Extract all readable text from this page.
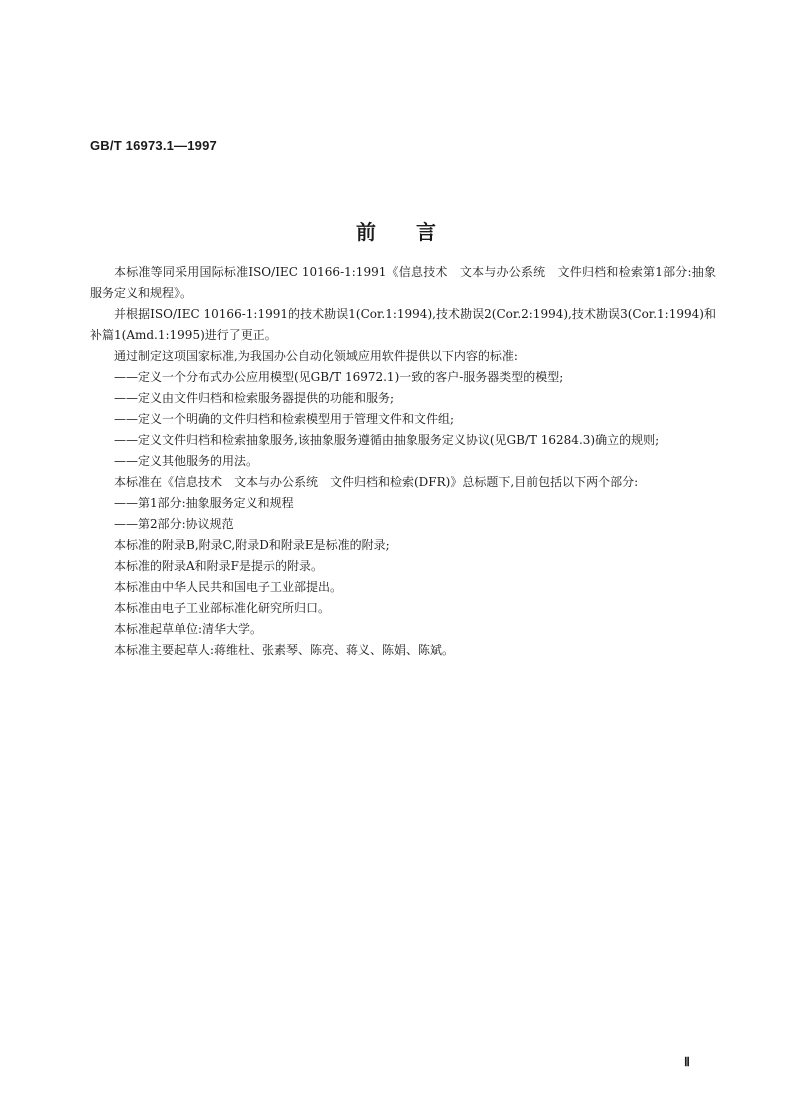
GB/T 16973.1—1997
前言

本标准等同采用国际标准ISO/IEC 10166-1:1991《信息技术　文本与办公系统　文件归档和检索第1部分:抽象服务定义和规程》。

并根据ISO/IEC 10166-1:1991的技术勘误1(Cor.1:1994),技术勘误2(Cor.2:1994),技术勘误3(Cor.1:1994)和补篇1(Amd.1:1995)进行了更正。

通过制定这项国家标准,为我国办公自动化领域应用软件提供以下内容的标准:

——定义一个分布式办公应用模型(见GB/T 16972.1)一致的客户-服务器类型的模型;

——定义由文件归档和检索服务器提供的功能和服务;

——定义一个明确的文件归档和检索模型用于管理文件和文件组;

——定义文件归档和检索抽象服务,该抽象服务遵循由抽象服务定义协议(见GB/T 16284.3)确立的规则;

——定义其他服务的用法。

本标准在《信息技术　文本与办公系统　文件归档和检索(DFR)》总标题下,目前包括以下两个部分:

——第1部分:抽象服务定义和规程

——第2部分:协议规范

本标准的附录B,附录C,附录D和附录E是标准的附录;

本标准的附录A和附录F是提示的附录。

本标准由中华人民共和国电子工业部提出。

本标准由电子工业部标准化研究所归口。

本标准起草单位:清华大学。

本标准主要起草人:蒋维杜、张素琴、陈亮、蒋义、陈娟、陈斌。

Ⅱ
